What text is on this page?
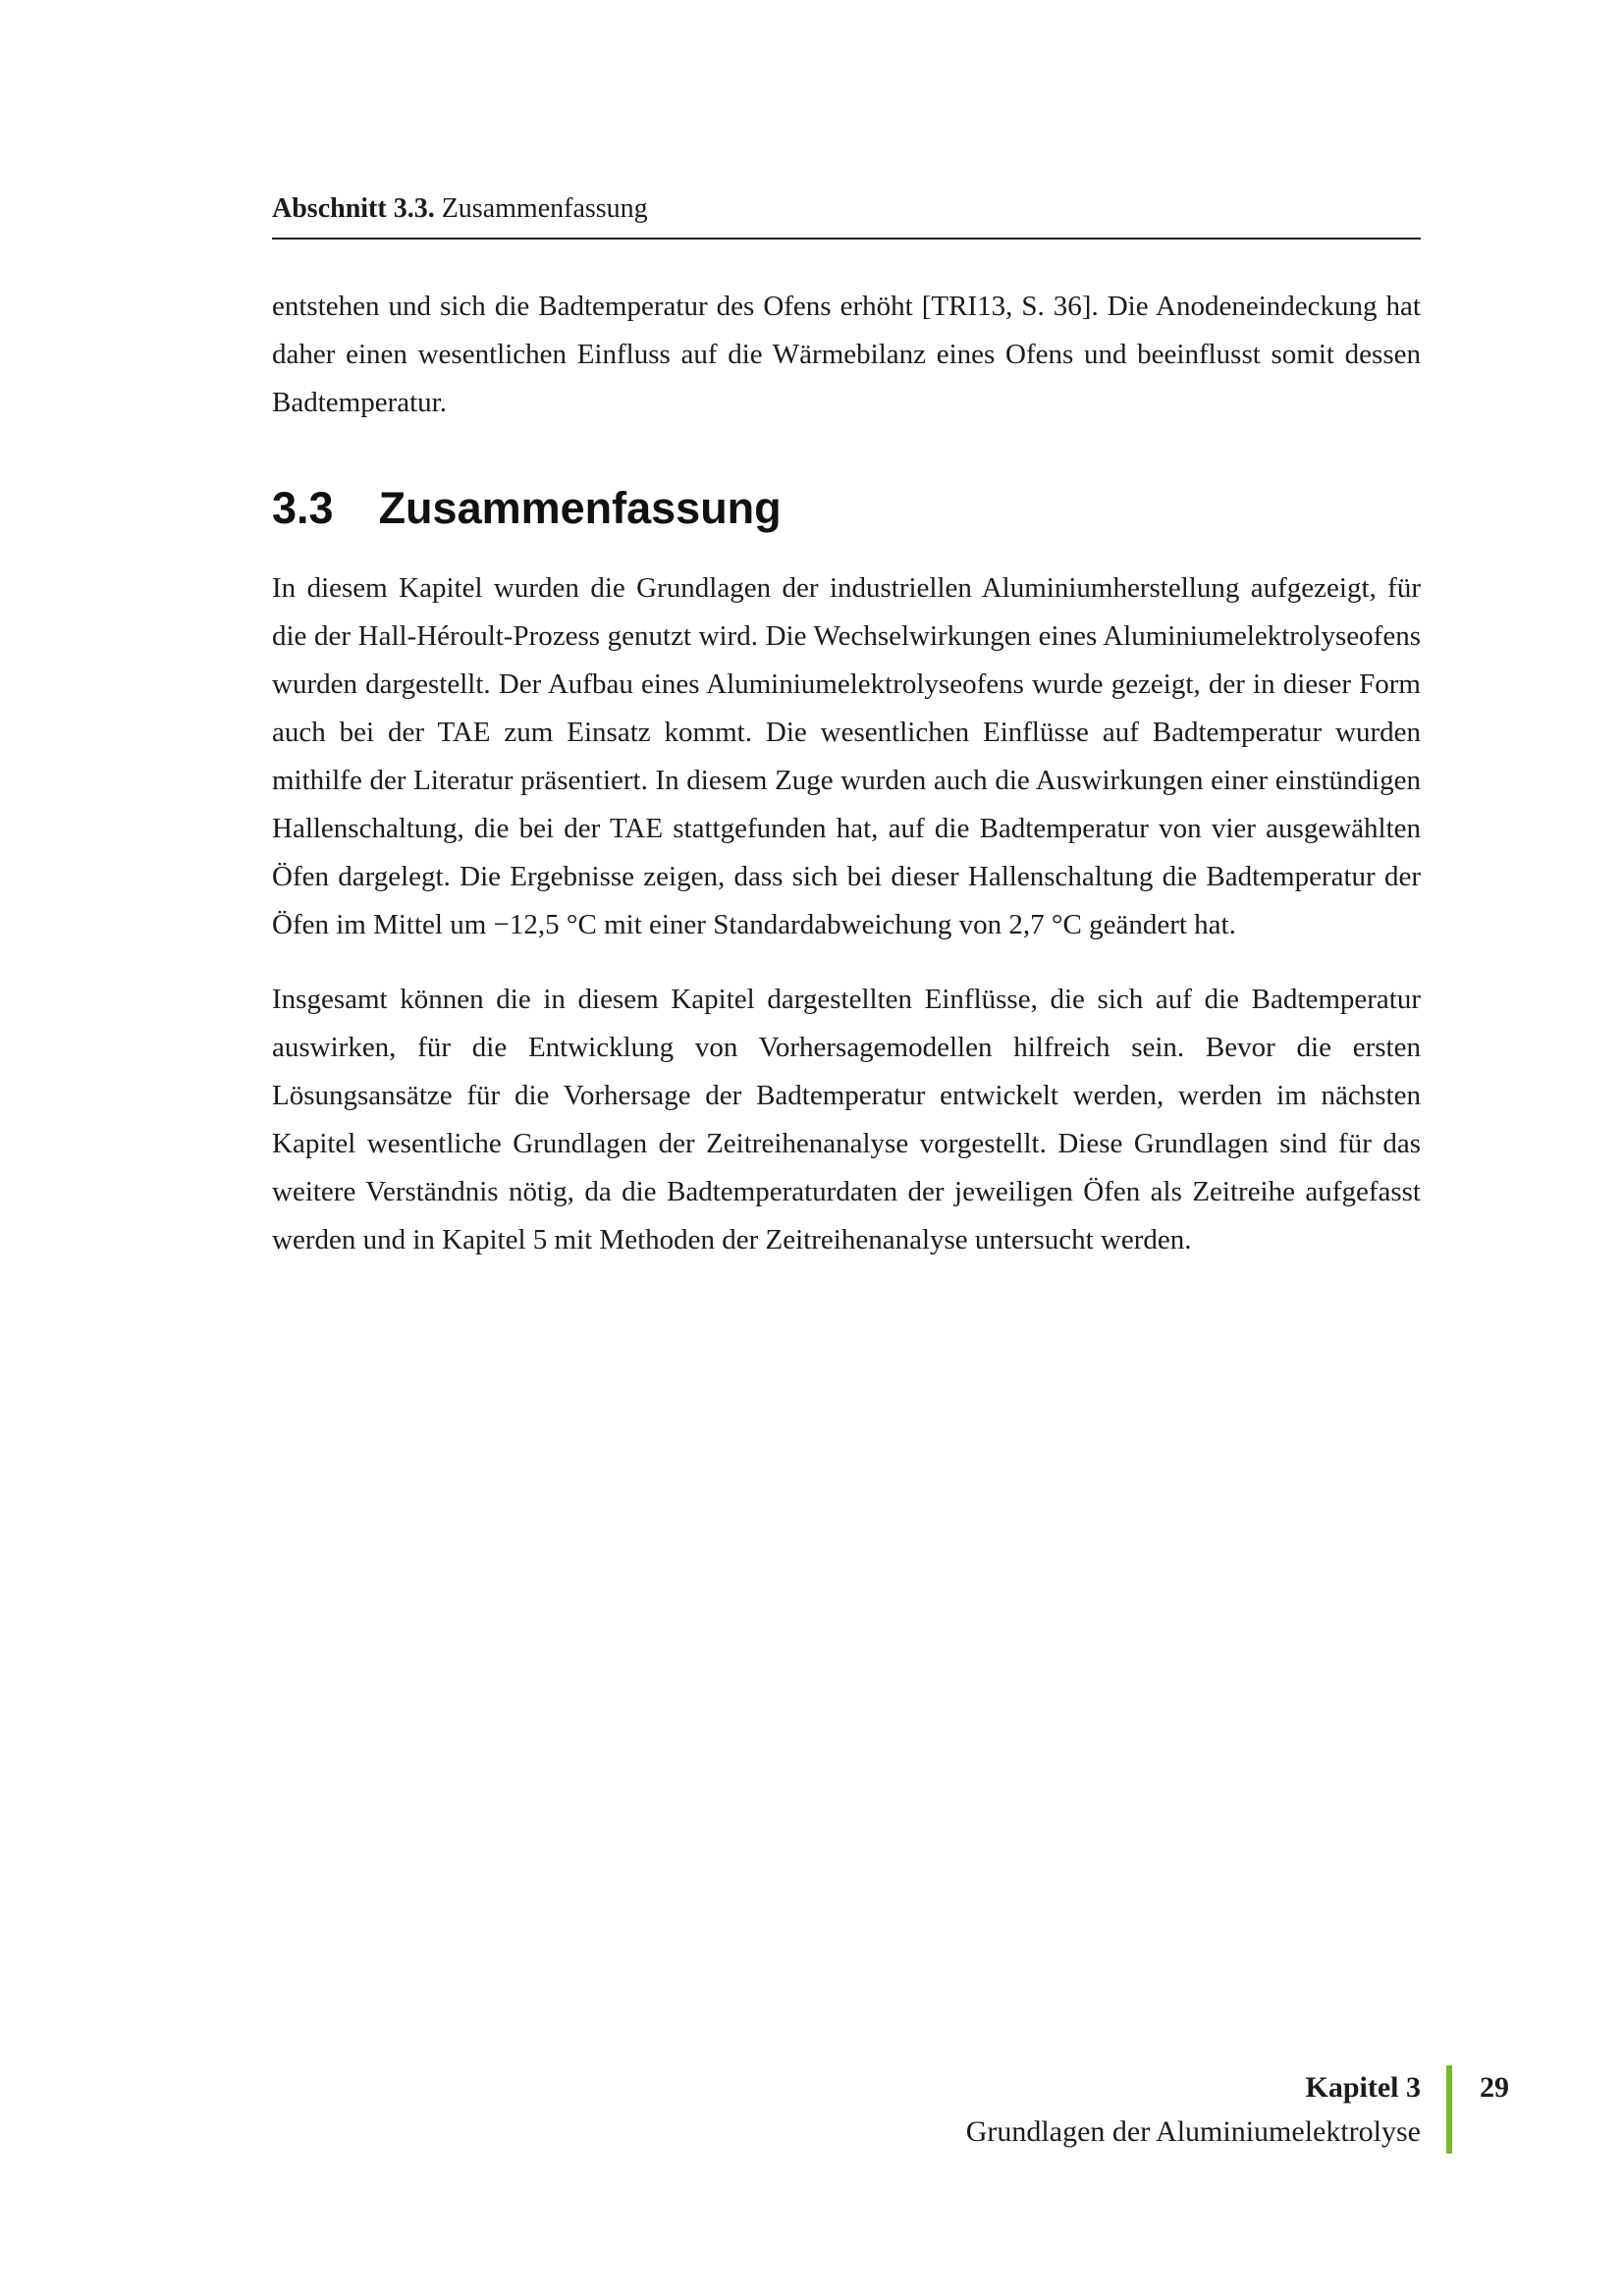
Abschnitt 3.3. Zusammenfassung

entstehen und sich die Badtemperatur des Ofens erhöht [TRI13, S. 36]. Die Anodeneindeckung hat daher einen wesentlichen Einfluss auf die Wärmebilanz eines Ofens und beeinflusst somit dessen Badtemperatur.

3.3 Zusammenfassung

In diesem Kapitel wurden die Grundlagen der industriellen Aluminiumherstellung aufgezeigt, für die der Hall-Héroult-Prozess genutzt wird. Die Wechselwirkungen eines Aluminiumelektrolyseofens wurden dargestellt. Der Aufbau eines Aluminiumelektrolyseofens wurde gezeigt, der in dieser Form auch bei der TAE zum Einsatz kommt. Die wesentlichen Einflüsse auf Badtemperatur wurden mithilfe der Literatur präsentiert. In diesem Zuge wurden auch die Auswirkungen einer einstündigen Hallenschaltung, die bei der TAE stattgefunden hat, auf die Badtemperatur von vier ausgewählten Öfen dargelegt. Die Ergebnisse zeigen, dass sich bei dieser Hallenschaltung die Badtemperatur der Öfen im Mittel um −12,5 °C mit einer Standardabweichung von 2,7 °C geändert hat.

Insgesamt können die in diesem Kapitel dargestellten Einflüsse, die sich auf die Badtemperatur auswirken, für die Entwicklung von Vorhersagemodellen hilfreich sein. Bevor die ersten Lösungsansätze für die Vorhersage der Badtemperatur entwickelt werden, werden im nächsten Kapitel wesentliche Grundlagen der Zeitreihenanalyse vorgestellt. Diese Grundlagen sind für das weitere Verständnis nötig, da die Badtemperaturdaten der jeweiligen Öfen als Zeitreihe aufgefasst werden und in Kapitel 5 mit Methoden der Zeitreihenanalyse untersucht werden.

Kapitel 3
Grundlagen der Aluminiumelektrolyse
29
